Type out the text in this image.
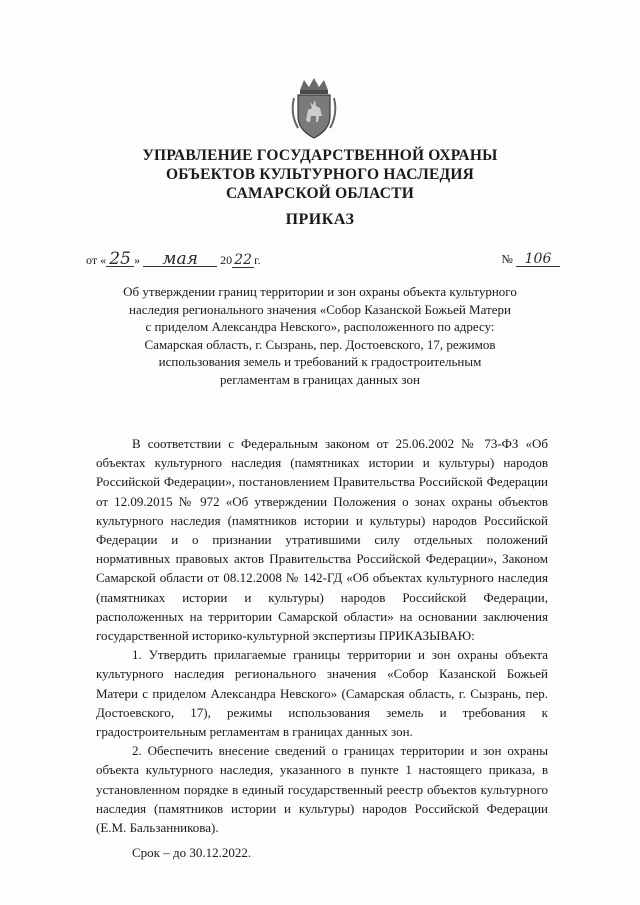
УПРАВЛЕНИЕ ГОСУДАРСТВЕННОЙ ОХРАНЫ
ОБЪЕКТОВ КУЛЬТУРНОГО НАСЛЕДИЯ
САМАРСКОЙ ОБЛАСТИ
ПРИКАЗ
от « 25 » мая 20 22 г.	№ 106
Об утверждении границ территории и зон охраны объекта культурного
наследия регионального значения «Собор Казанской Божьей Матери
с приделом Александра Невского», расположенного по адресу:
Самарская область, г. Сызрань, пер. Достоевского, 17, режимов
использования земель и требований к градостроительным
регламентам в границах данных зон

В соответствии с Федеральным законом от 25.06.2002 № 73-ФЗ «Об объектах культурного наследия (памятниках истории и культуры) народов Российской Федерации», постановлением Правительства Российской Федерации от 12.09.2015 № 972 «Об утверждении Положения о зонах охраны объектов культурного наследия (памятников истории и культуры) народов Российской Федерации и о признании утратившими силу отдельных положений нормативных правовых актов Правительства Российской Федерации», Законом Самарской области от 08.12.2008 № 142-ГД «Об объектах культурного наследия (памятниках истории и культуры) народов Российской Федерации, расположенных на территории Самарской области» на основании заключения государственной историко-культурной экспертизы ПРИКАЗЫВАЮ:

1. Утвердить прилагаемые границы территории и зон охраны объекта культурного наследия регионального значения «Собор Казанской Божьей Матери с приделом Александра Невского» (Самарская область, г. Сызрань, пер. Достоевского, 17), режимы использования земель и требования к градостроительным регламентам в границах данных зон.

2. Обеспечить внесение сведений о границах территории и зон охраны объекта культурного наследия, указанного в пункте 1 настоящего приказа, в установленном порядке в единый государственный реестр объектов культурного наследия (памятников истории и культуры) народов Российской Федерации (Е.М. Бальзанникова).

Срок – до 30.12.2022.
